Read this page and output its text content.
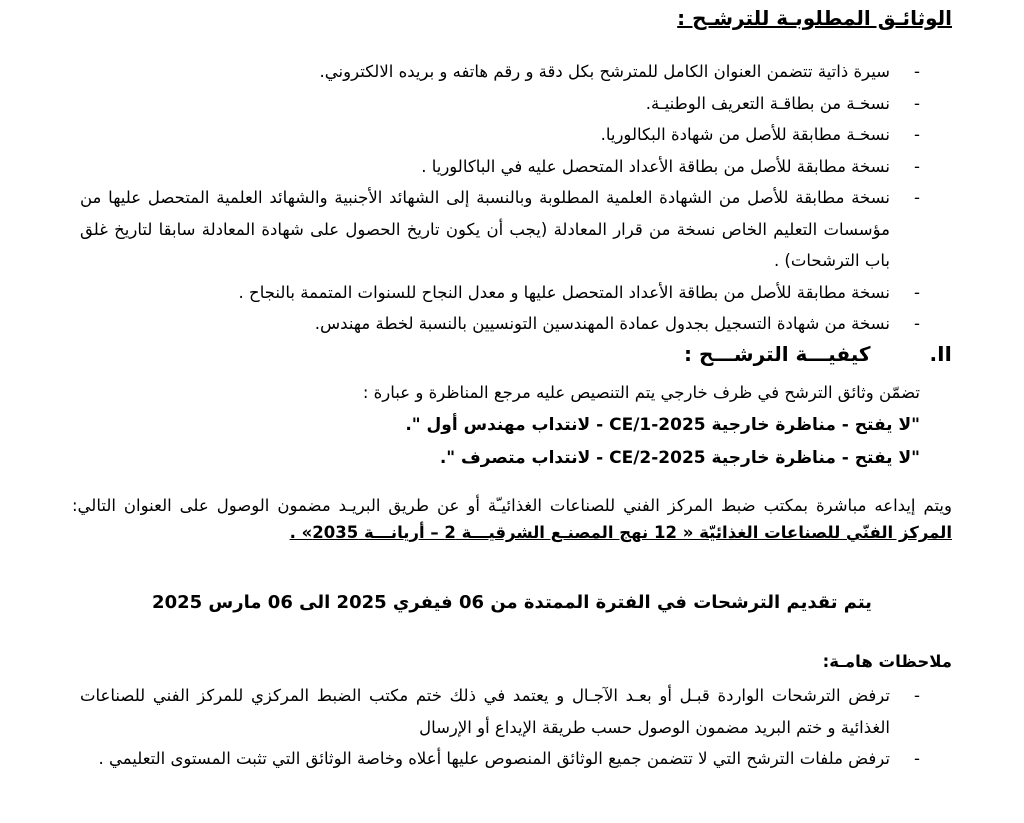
الوثائـق المطلوبـة للترشـح :
- سيرة ذاتية تتضمن العنوان الكامل للمترشح بكل دقة و رقم هاتفه و بريده الالكتروني.
- نسخـة من بطاقـة التعريف الوطنيـة.
- نسخـة مطابقة للأصل من شهادة البكالوريا.
- نسخة مطابقة للأصل من بطاقة الأعداد المتحصل عليه في الباكالوريا .
- نسخة مطابقة للأصل من الشهادة العلمية المطلوبة وبالنسبة إلى الشهائد الأجنبية والشهائد العلمية المتحصل عليها من مؤسسات التعليم الخاص نسخة من قرار المعادلة (يجب أن يكون تاريخ الحصول على شهادة المعادلة سابقا لتاريخ غلق باب الترشحات) .
- نسخة مطابقة للأصل من بطاقة الأعداد المتحصل عليها و معدل النجاح للسنوات المتممة بالنجاح .
- نسخة من شهادة التسجيل بجدول عمادة المهندسين التونسيين بالنسبة لخطة مهندس.
II. كيفيـــة الترشـــح :
تضمّن وثائق الترشح في ظرف خارجي يتم التنصيص عليه مرجع المناظرة و عبارة :
"لا يفتح - مناظرة خارجية CE/1-2025 - لانتداب مهندس أول ".
"لا يفتح - مناظرة خارجية CE/2-2025 - لانتداب متصرف ".
ويتم إيداعه مباشرة بمكتب ضبط المركز الفني للصناعات الغذائيـّة أو عن طريق البريـد مضمون الوصول على العنوان التالي: المركز الفنّي للصناعات الغذائيّة « 12 نهج المصنـع الشرقيـــة 2 – أريانـــة 2035» .
يتم تقديم الترشحات في الفترة الممتدة من 06 فيفري 2025 الى 06 مارس 2025
ملاحظات هامـة:
- ترفض الترشحات الواردة قبـل أو بعـد الآجـال و يعتمد في ذلك ختم مكتب الضبط المركزي للمركز الفني للصناعات الغذائية و ختم البريد مضمون الوصول حسب طريقة الإيداع أو الإرسال
- ترفض ملفات الترشح التي لا تتضمن جميع الوثائق المنصوص عليها أعلاه وخاصة الوثائق التي تثبت المستوى التعليمي .
